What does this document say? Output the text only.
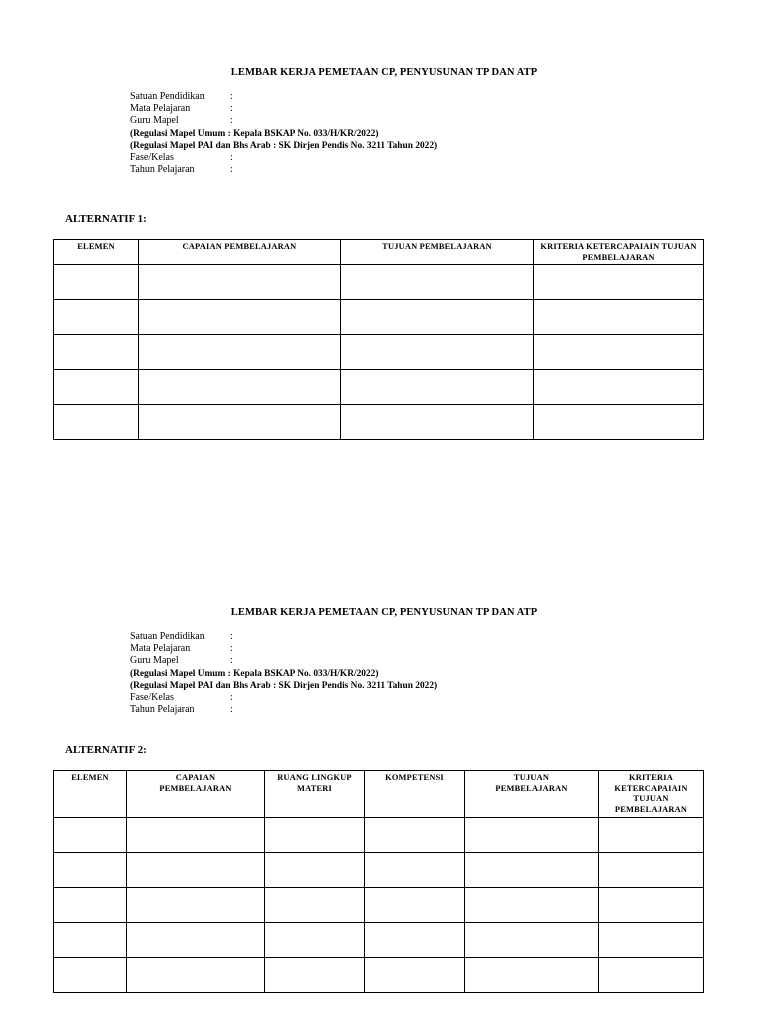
LEMBAR KERJA PEMETAAN CP, PENYUSUNAN TP DAN ATP
Satuan Pendidikan	:
Mata Pelajaran	:
Guru Mapel	:
(Regulasi Mapel Umum : Kepala BSKAP No. 033/H/KR/2022)
(Regulasi Mapel PAI dan Bhs Arab : SK Dirjen Pendis No. 3211 Tahun 2022)
Fase/Kelas	:
Tahun Pelajaran	:
ALTERNATIF 1:
ELEMEN	CAPAIAN PEMBELAJARAN	TUJUAN PEMBELAJARAN	KRITERIA KETERCAPAIAIN TUJUAN PEMBELAJARAN

LEMBAR KERJA PEMETAAN CP, PENYUSUNAN TP DAN ATP
Satuan Pendidikan	:
Mata Pelajaran	:
Guru Mapel	:
(Regulasi Mapel Umum : Kepala BSKAP No. 033/H/KR/2022)
(Regulasi Mapel PAI dan Bhs Arab : SK Dirjen Pendis No. 3211 Tahun 2022)
Fase/Kelas	:
Tahun Pelajaran	:
ALTERNATIF 2:
ELEMEN	CAPAIAN PEMBELAJARAN	RUANG LINGKUP MATERI	KOMPETENSI	TUJUAN PEMBELAJARAN	KRITERIA KETERCAPAIAIN TUJUAN PEMBELAJARAN
